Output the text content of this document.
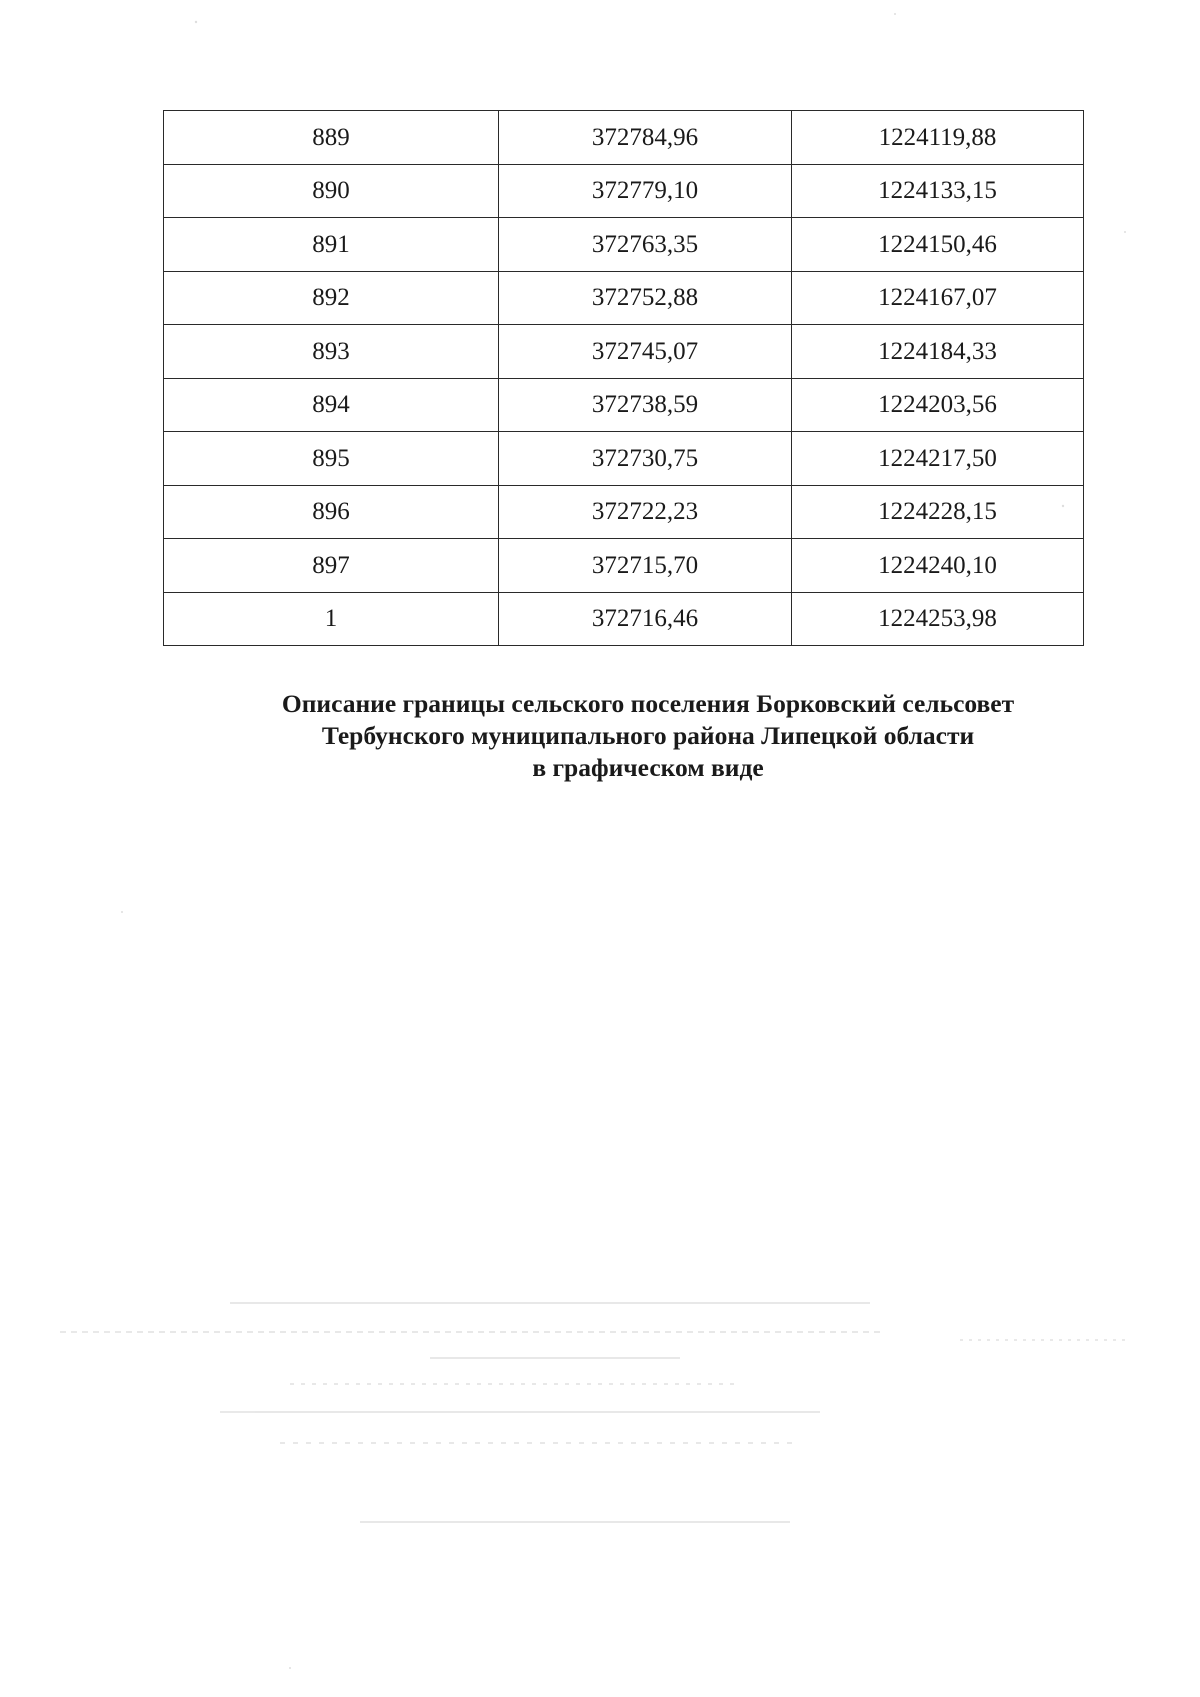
889	372784,96	1224119,88
890	372779,10	1224133,15
891	372763,35	1224150,46
892	372752,88	1224167,07
893	372745,07	1224184,33
894	372738,59	1224203,56
895	372730,75	1224217,50
896	372722,23	1224228,15
897	372715,70	1224240,10
1	372716,46	1224253,98
Описание границы сельского поселения Борковский сельсовет
Тербунского муниципального района Липецкой области
в графическом виде
